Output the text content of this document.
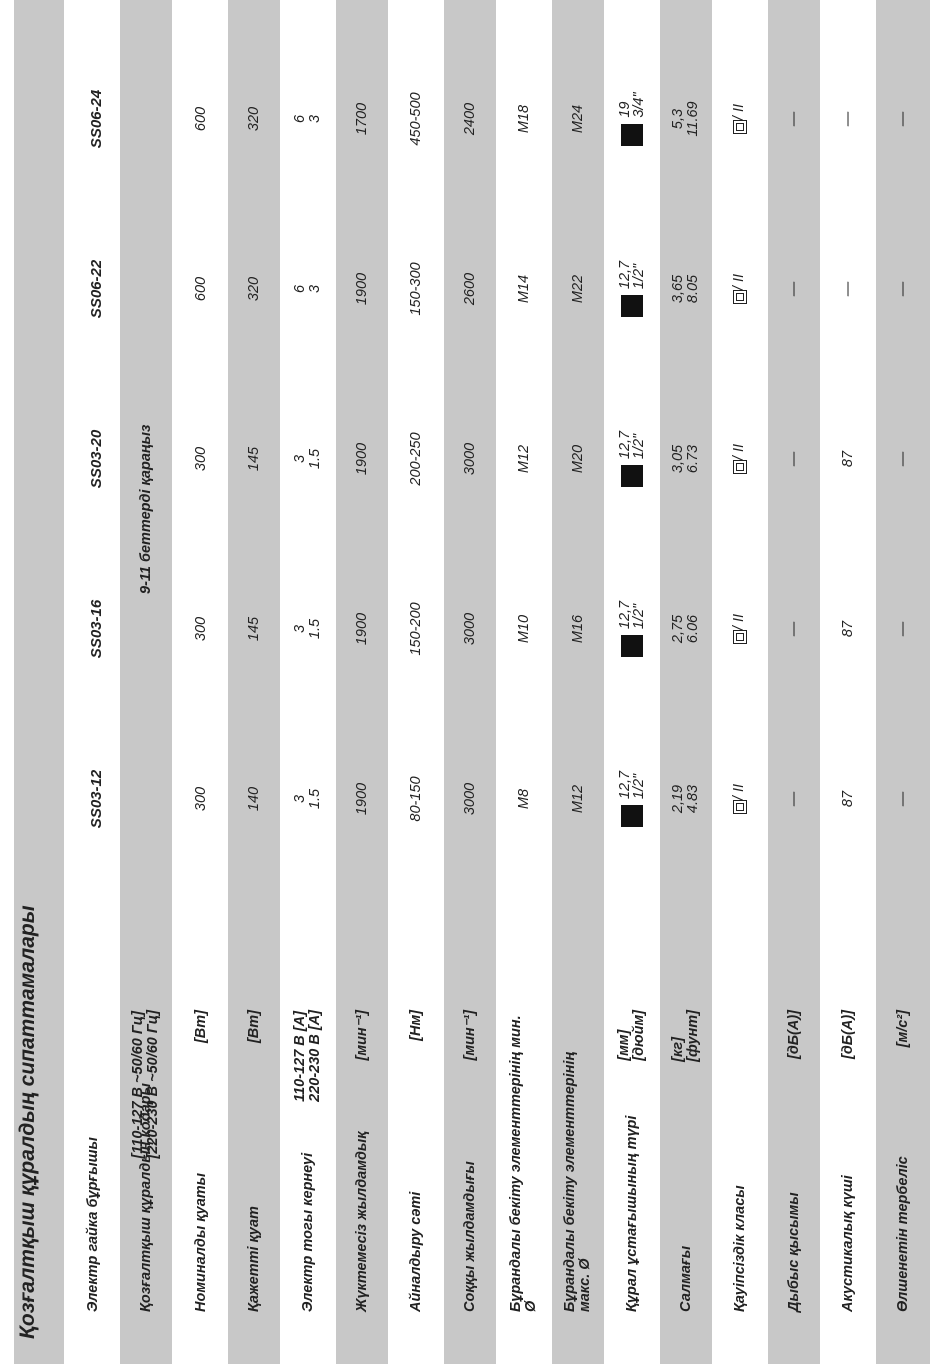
Қозғалтқыш құралдың сипаттамалары
SS03-12
SS03-16
SS03-20
SS06-22
SS06-24
Электр гайка бұрғышы	Қозғалтқыш құралдың кодары
[110-127 В ~50/60 Гц]
[220-230 В ~50/60 Гц]
9-11 беттерді қараңыз
Номиналды қуаты
[Вт]
300
300
300
600
600
Қажетті қуат
[Вт]
140
145
145
320
320
Электр тогы кернеуі
110-127 В [A]
220-230 В [A]
3
1.5
3
1.5
3
1.5
6
3
6
3
Жүктемесіз жылдамдық
[мин⁻¹]
1900
1900
1900
1900
1700
Айналдыру сәті
[Нм]
80-150
150-200
200-250
150-300
450-500
Соққы жылдамдығы
[мин⁻¹]
3000
3000
3000
2600
2400
Бұрандалы бекіту элементтерінің мин. Ø
M8
M10
M12
M14
M18
Бұрандалы бекіту элементтерінің макс. Ø
M12
M16
M20
M22
M24
Құрал ұстағышының түрі
[мм]
[дюйм]
12,7
1/2"
12,7
1/2"
12,7
1/2"
12,7
1/2"
19
3/4"
Салмағы
[кг]
[фунт]
2,19
4.83
2,75
6.06
3,05
6.73
3,65
8.05
5,3
11.69
Қауіпсіздік класы
/ II
/ II
/ II
/ II
/ II
Дыбыс қысымы
[дБ(А)]
—
—
—
—
—
Акустикалық күші
[дБ(А)]
87
87
87
—
—
Өлшенетін тербеліс
[м/с²]
—
—
—
—
—
